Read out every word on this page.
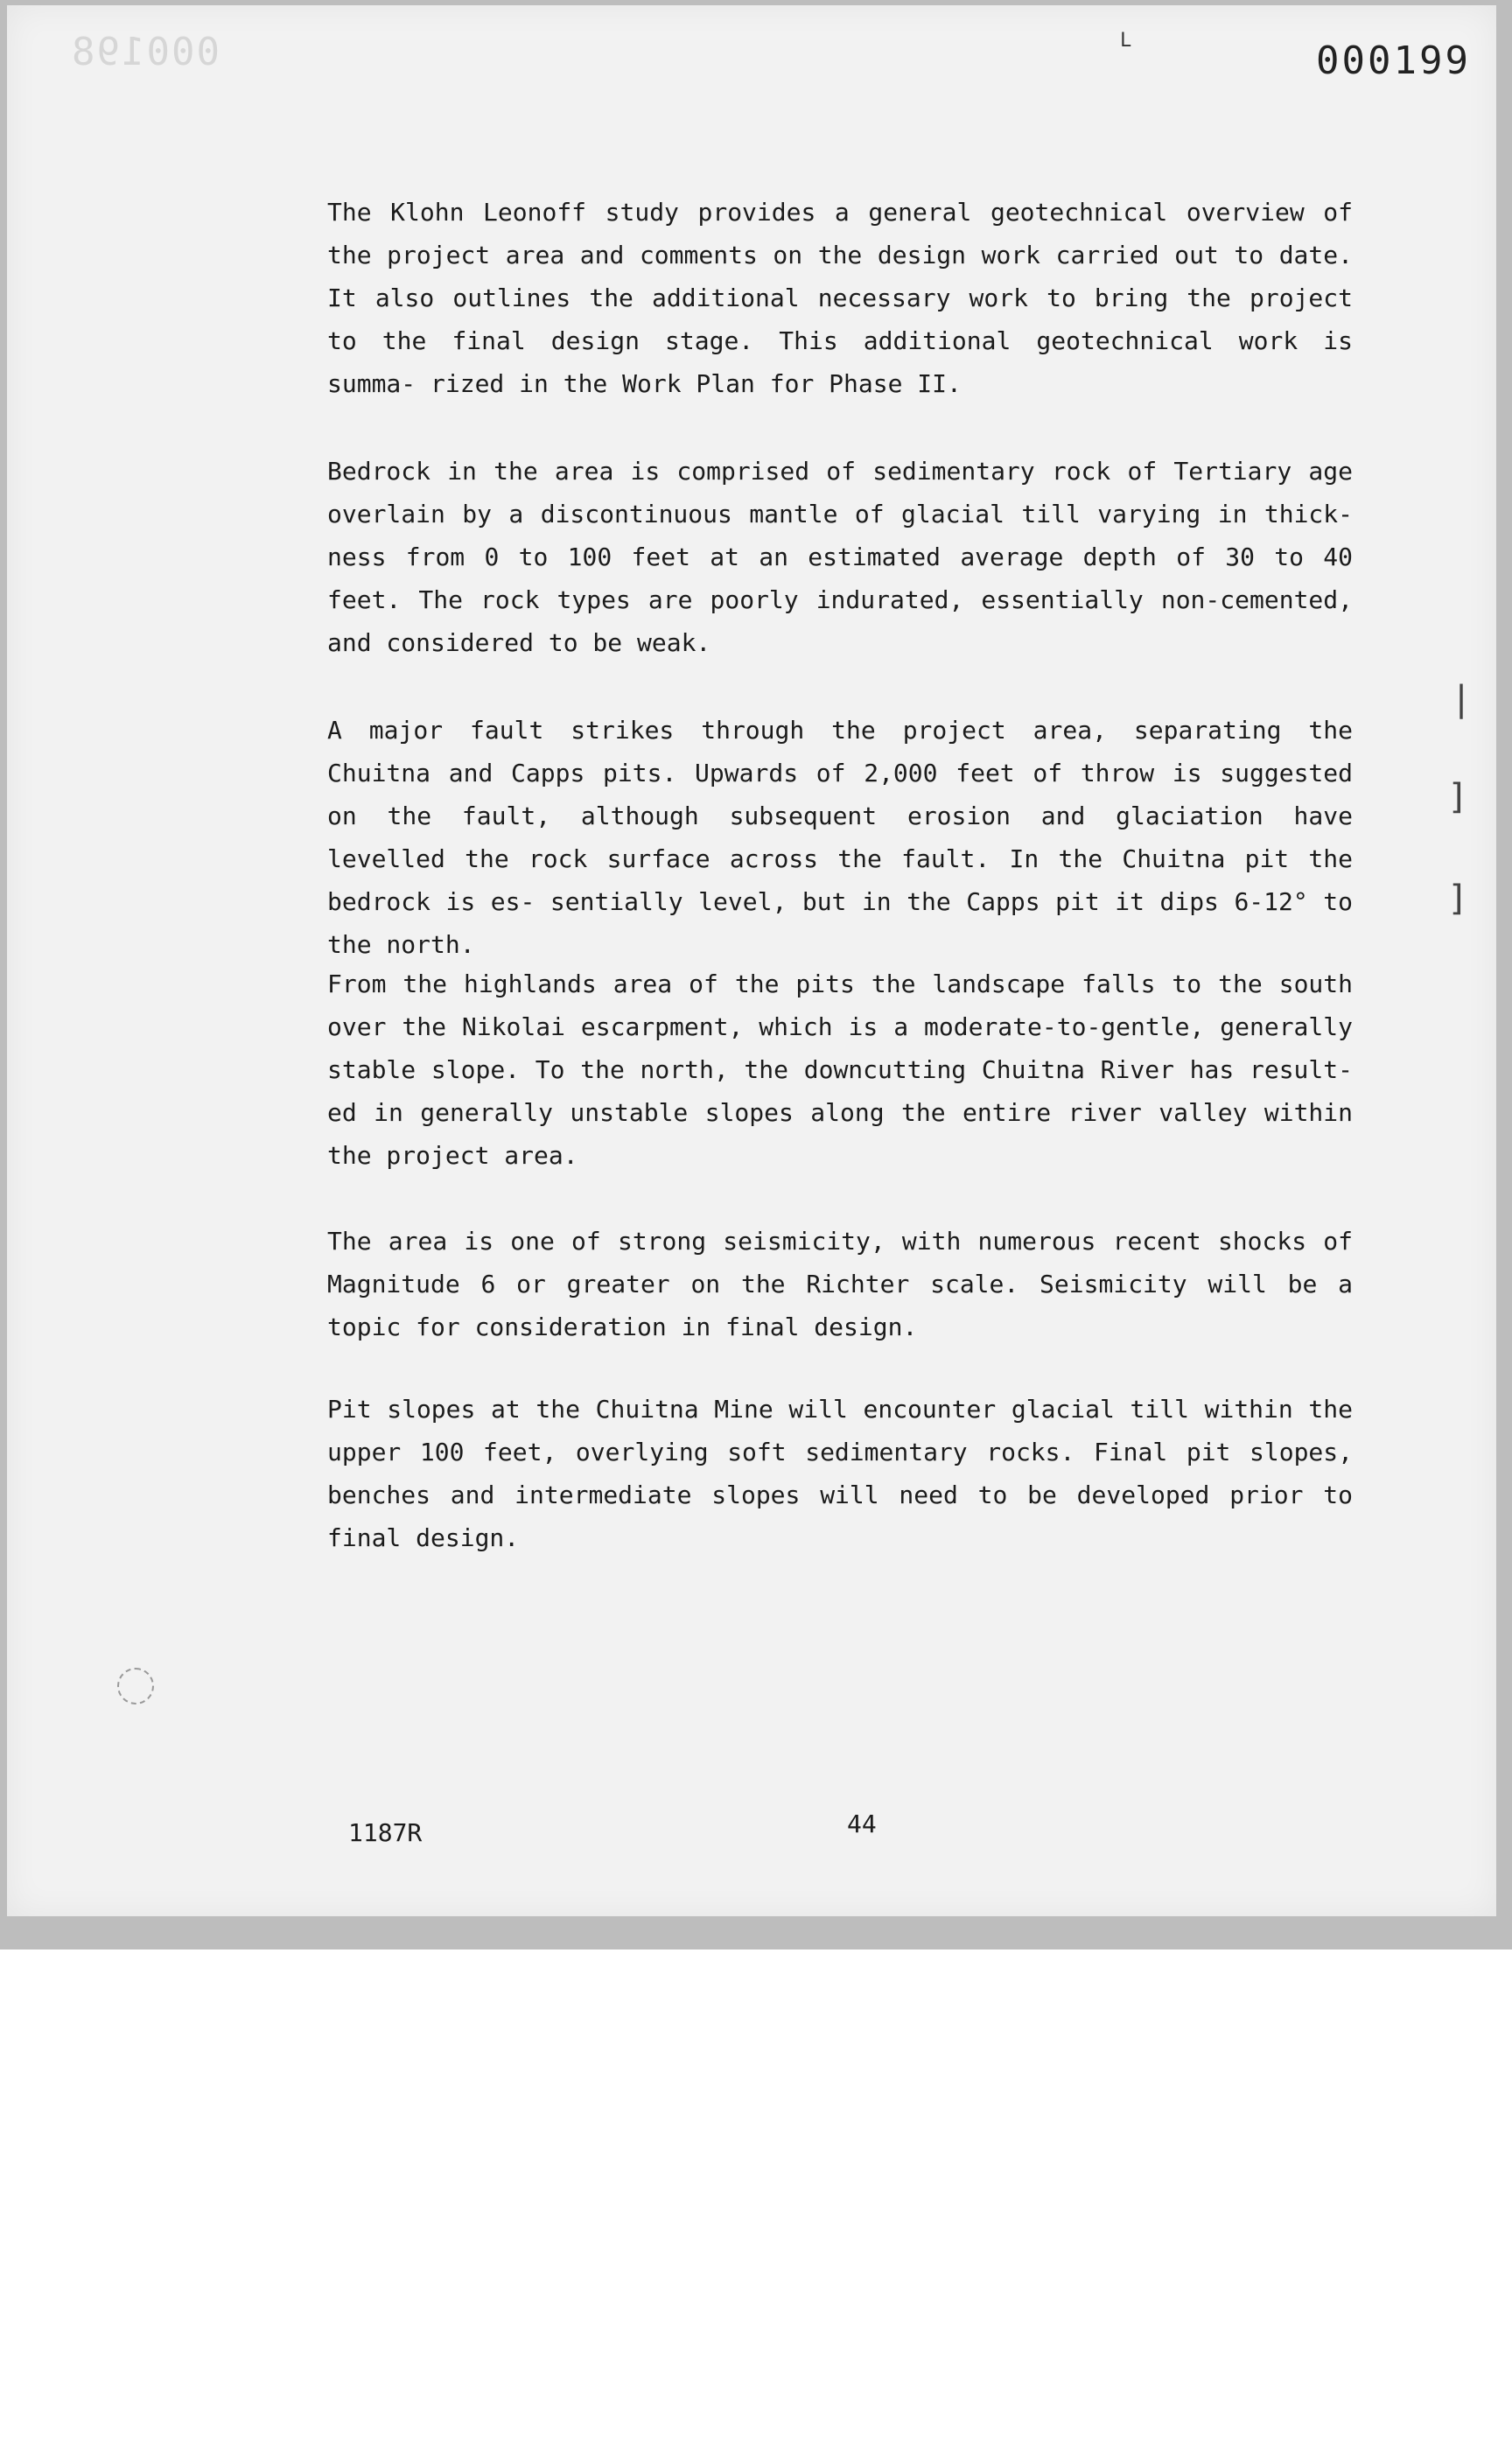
000198	L	000199

The Klohn Leonoff study provides a general geotechnical overview of the project area and comments on the design work carried out to date. It also outlines the additional necessary work to bring the project to the final design stage. This additional geotechnical work is summa- rized in the Work Plan for Phase II.

Bedrock in the area is comprised of sedimentary rock of Tertiary age overlain by a discontinuous mantle of glacial till varying in thick- ness from 0 to 100 feet at an estimated average depth of 30 to 40 feet. The rock types are poorly indurated, essentially non-cemented, and considered to be weak.

A major fault strikes through the project area, separating the Chuitna and Capps pits. Upwards of 2,000 feet of throw is suggested on the fault, although subsequent erosion and glaciation have levelled the rock surface across the fault. In the Chuitna pit the bedrock is es- sentially level, but in the Capps pit it dips 6-12° to the north.

From the highlands area of the pits the landscape falls to the south over the Nikolai escarpment, which is a moderate-to-gentle, generally stable slope. To the north, the downcutting Chuitna River has result- ed in generally unstable slopes along the entire river valley within the project area.

The area is one of strong seismicity, with numerous recent shocks of Magnitude 6 or greater on the Richter scale. Seismicity will be a topic for consideration in final design.

Pit slopes at the Chuitna Mine will encounter glacial till within the upper 100 feet, overlying soft sedimentary rocks. Final pit slopes, benches and intermediate slopes will need to be developed prior to final design.

1187R	44
|
]
]
